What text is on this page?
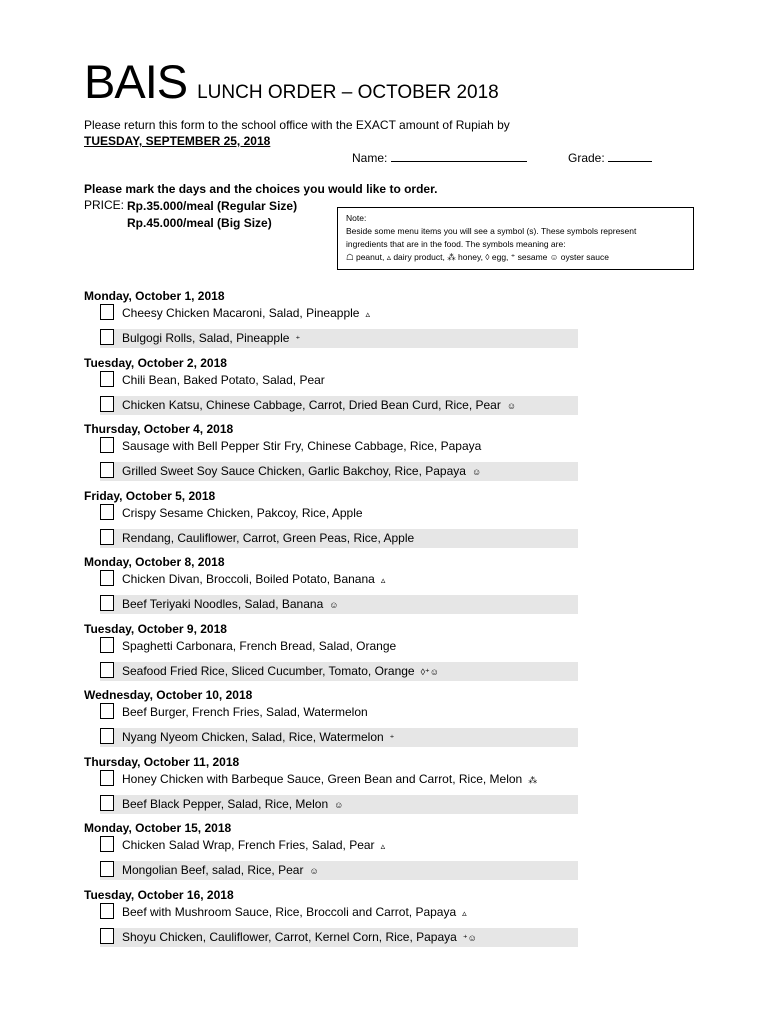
BAIS LUNCH ORDER – OCTOBER 2018
Please return this form to the school office with the EXACT amount of Rupiah by
TUESDAY, SEPTEMBER 25, 2018
Name:	Grade:
Please mark the days and the choices you would like to order.
PRICE: Rp.35.000/meal (Regular Size)
Rp.45.000/meal (Big Size)	Note:
Beside some menu items you will see a symbol (s). These symbols represent
ingredients that are in the food. The symbols meaning are:
☖ peanut, ▵ dairy product, ⁂ honey, ◊ egg, ⁺ sesame ☺ oyster sauce
Monday, October 1, 2018
Cheesy Chicken Macaroni, Salad, Pineapple ▵
Bulgogi Rolls, Salad, Pineapple ⁺
Tuesday, October 2, 2018
Chili Bean, Baked Potato, Salad, Pear
Chicken Katsu, Chinese Cabbage, Carrot, Dried Bean Curd, Rice, Pear ☺
Thursday, October 4, 2018
Sausage with Bell Pepper Stir Fry, Chinese Cabbage, Rice, Papaya
Grilled Sweet Soy Sauce Chicken, Garlic Bakchoy, Rice, Papaya ☺
Friday, October 5, 2018
Crispy Sesame Chicken, Pakcoy, Rice, Apple
Rendang, Cauliflower, Carrot, Green Peas, Rice, Apple
Monday, October 8, 2018
Chicken Divan, Broccoli, Boiled Potato, Banana ▵
Beef Teriyaki Noodles, Salad, Banana ☺
Tuesday, October 9, 2018
Spaghetti Carbonara, French Bread, Salad, Orange
Seafood Fried Rice, Sliced Cucumber, Tomato, Orange ◊⁺☺
Wednesday, October 10, 2018
Beef Burger, French Fries, Salad, Watermelon
Nyang Nyeom Chicken, Salad, Rice, Watermelon ⁺
Thursday, October 11, 2018
Honey Chicken with Barbeque Sauce, Green Bean and Carrot, Rice, Melon ⁂
Beef Black Pepper, Salad, Rice, Melon ☺
Monday, October 15, 2018
Chicken Salad Wrap, French Fries, Salad, Pear ▵
Mongolian Beef, salad, Rice, Pear ☺
Tuesday, October 16, 2018
Beef with Mushroom Sauce, Rice, Broccoli and Carrot, Papaya ▵
Shoyu Chicken, Cauliflower, Carrot, Kernel Corn, Rice, Papaya ⁺☺
